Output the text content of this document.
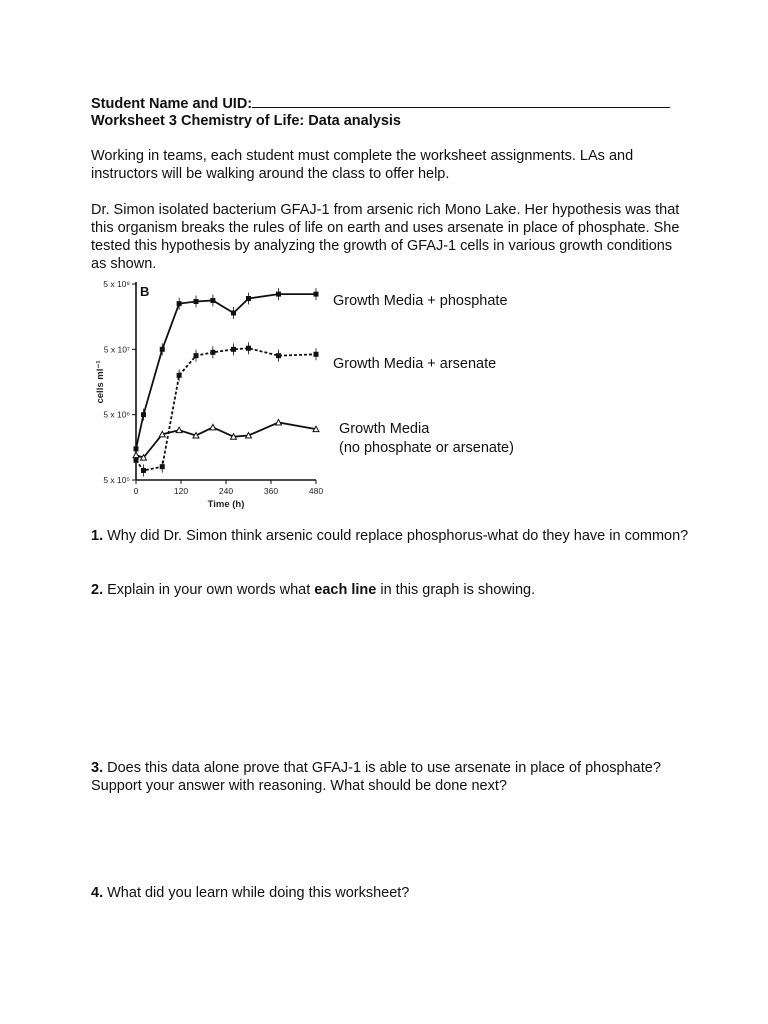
Student Name and UID:

Worksheet 3 Chemistry of Life: Data analysis

Working in teams, each student must complete the worksheet assignments. LAs and instructors will be walking around the class to offer help.

Dr. Simon isolated bacterium GFAJ-1 from arsenic rich Mono Lake. Her hypothesis was that this organism breaks the rules of life on earth and uses arsenate in place of phosphate. She tested this hypothesis by analyzing the growth of GFAJ-1 cells in various growth conditions as shown.

B
5 x 10⁵
5 x 10⁶
5 x 10⁷
5 x 10⁸
0	120	240	360	480
Time (h)
cells ml⁻¹
Growth Media + phosphate
Growth Media + arsenate
Growth Media
(no phosphate or arsenate)

1. Why did Dr. Simon think arsenic could replace phosphorus-what do they have in common?

2. Explain in your own words what each line in this graph is showing.

3. Does this data alone prove that GFAJ-1 is able to use arsenate in place of phosphate? Support your answer with reasoning. What should be done next?

4. What did you learn while doing this worksheet?
